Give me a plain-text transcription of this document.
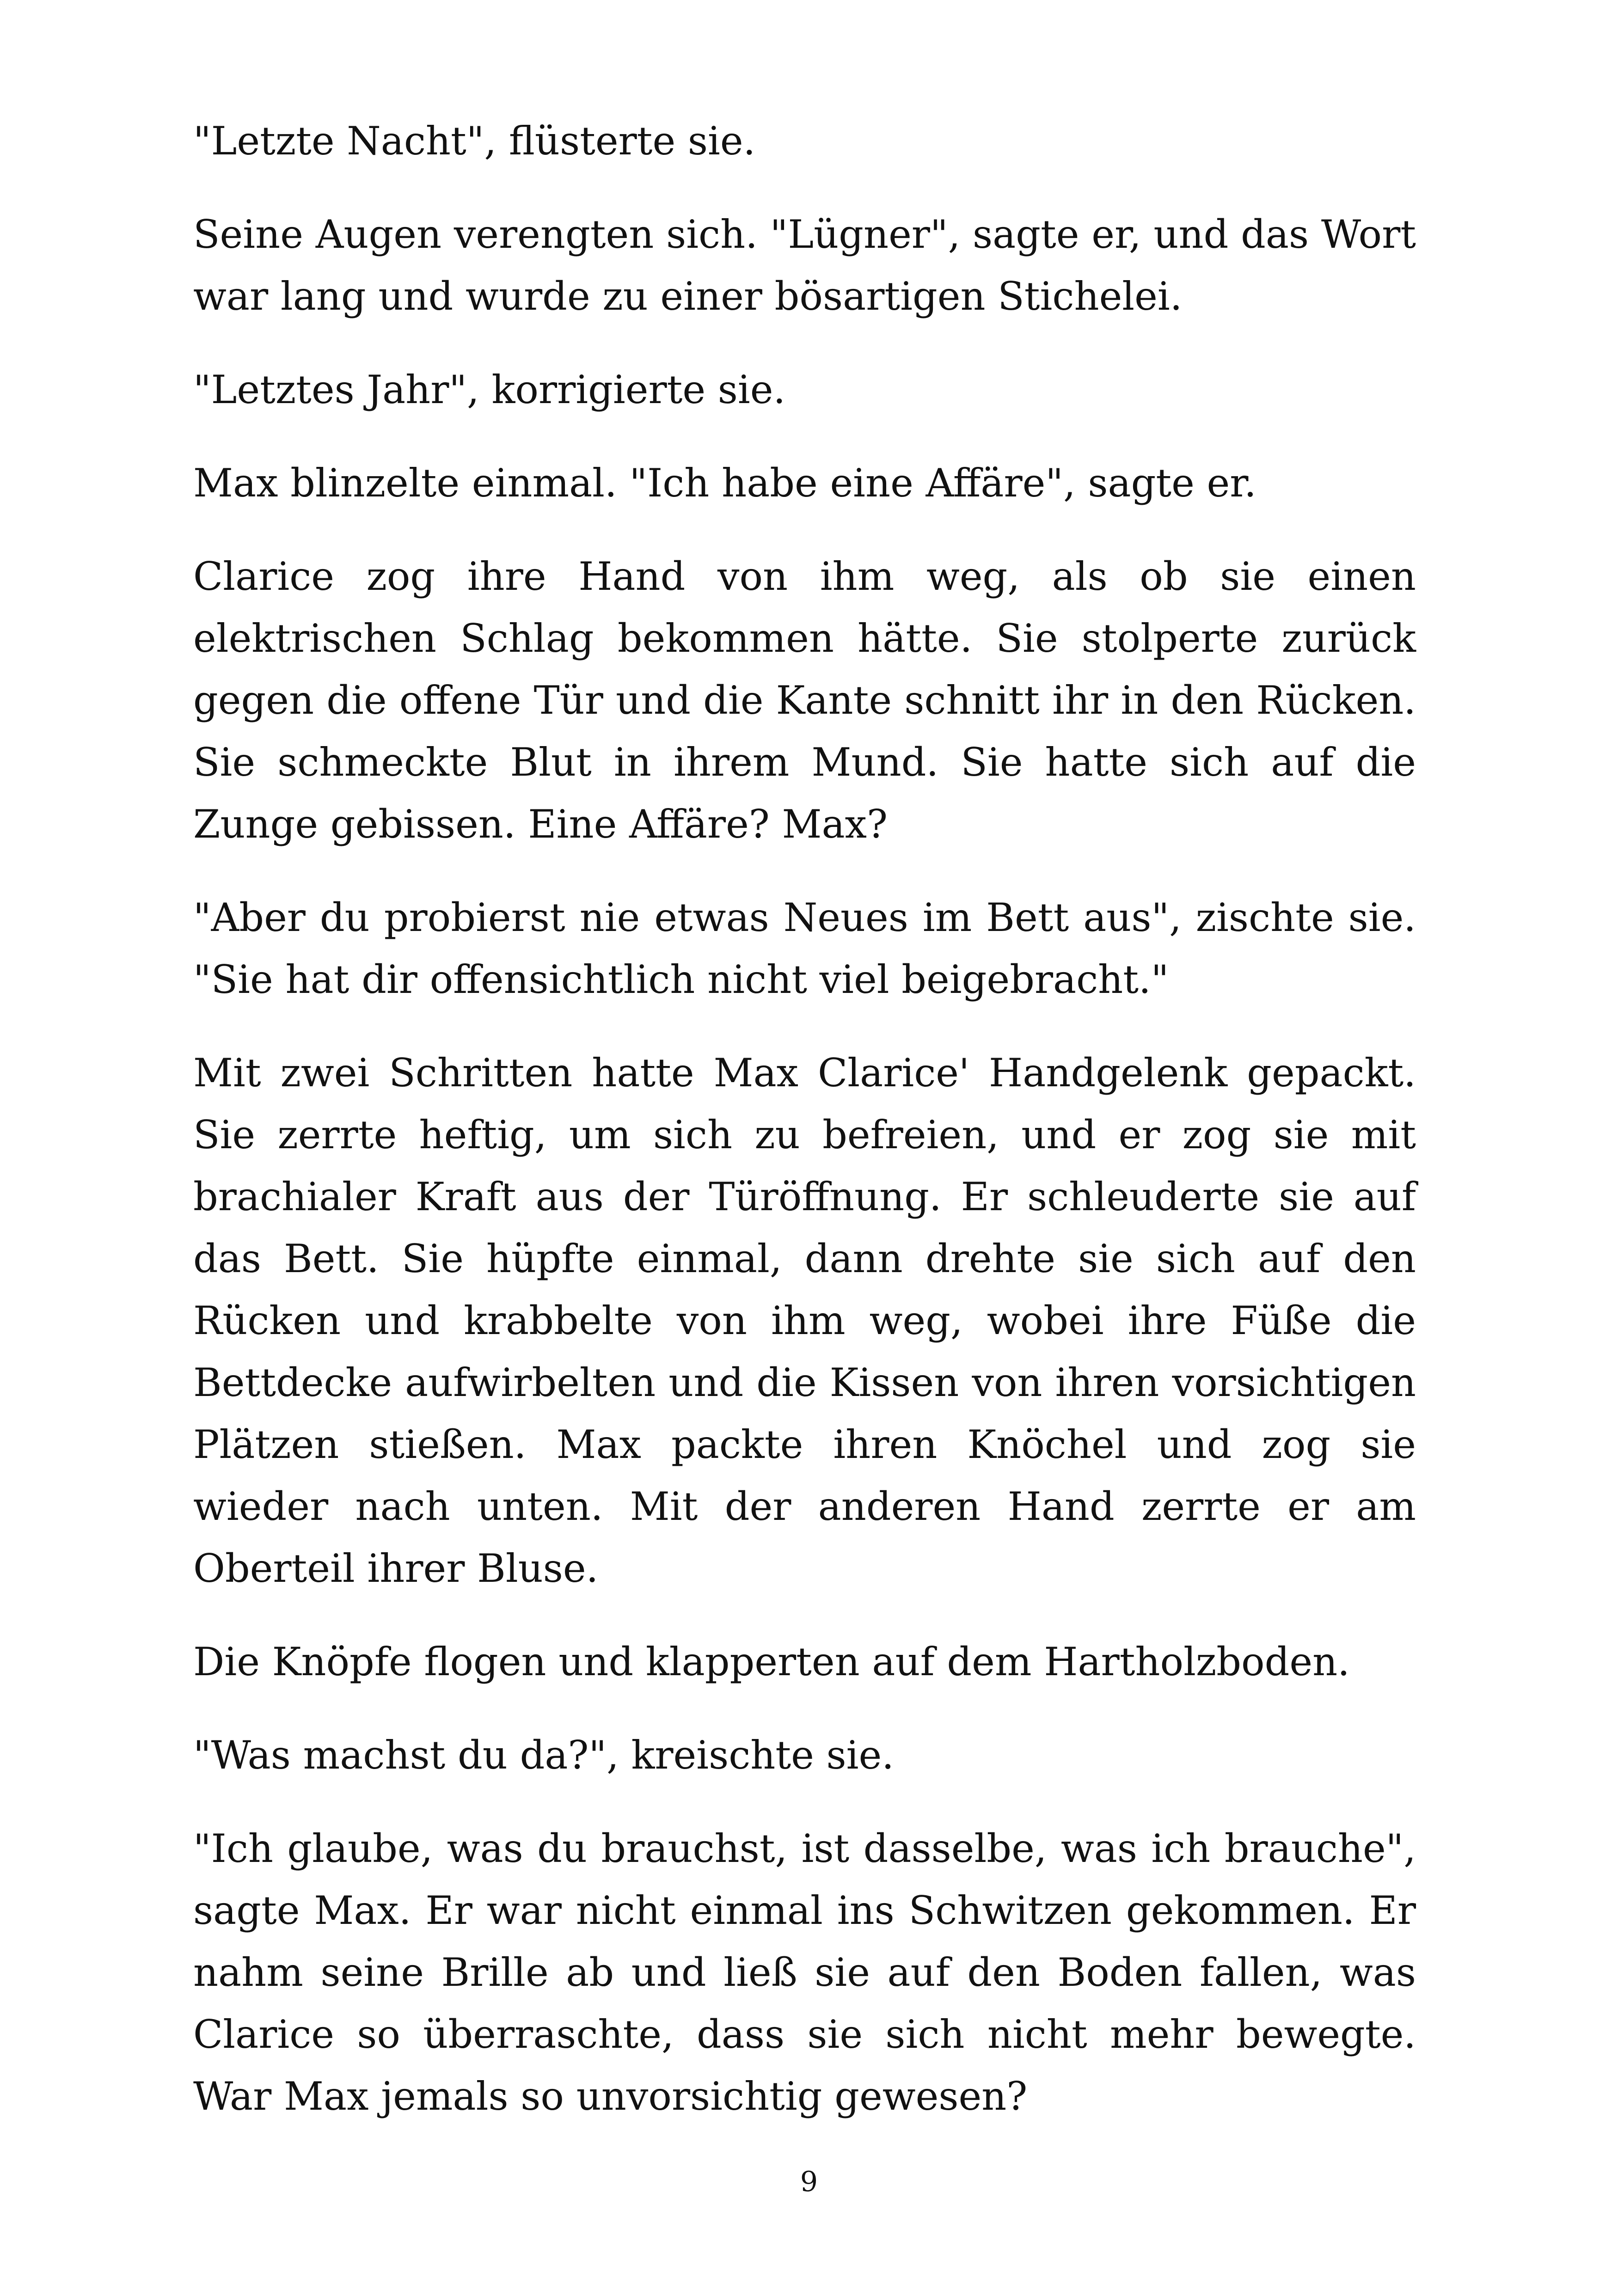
"Letzte Nacht", flüsterte sie.

Seine Augen verengten sich. "Lügner", sagte er, und das Wort war lang und wurde zu einer bösartigen Stichelei.

"Letztes Jahr", korrigierte sie.

Max blinzelte einmal. "Ich habe eine Affäre", sagte er.

Clarice zog ihre Hand von ihm weg, als ob sie einen elektrischen Schlag bekommen hätte. Sie stolperte zurück gegen die offene Tür und die Kante schnitt ihr in den Rücken. Sie schmeckte Blut in ihrem Mund. Sie hatte sich auf die Zunge gebissen. Eine Affäre? Max?

"Aber du probierst nie etwas Neues im Bett aus", zischte sie. "Sie hat dir offensichtlich nicht viel beigebracht."

Mit zwei Schritten hatte Max Clarice' Handgelenk gepackt. Sie zerrte heftig, um sich zu befreien, und er zog sie mit brachialer Kraft aus der Türöffnung. Er schleuderte sie auf das Bett. Sie hüpfte einmal, dann drehte sie sich auf den Rücken und krabbelte von ihm weg, wobei ihre Füße die Bettdecke aufwirbelten und die Kissen von ihren vorsichtigen Plätzen stießen. Max packte ihren Knöchel und zog sie wieder nach unten. Mit der anderen Hand zerrte er am Oberteil ihrer Bluse.

Die Knöpfe flogen und klapperten auf dem Hartholzboden.

"Was machst du da?", kreischte sie.

"Ich glaube, was du brauchst, ist dasselbe, was ich brauche", sagte Max. Er war nicht einmal ins Schwitzen gekommen. Er nahm seine Brille ab und ließ sie auf den Boden fallen, was Clarice so überraschte, dass sie sich nicht mehr bewegte. War Max jemals so unvorsichtig gewesen?

9
